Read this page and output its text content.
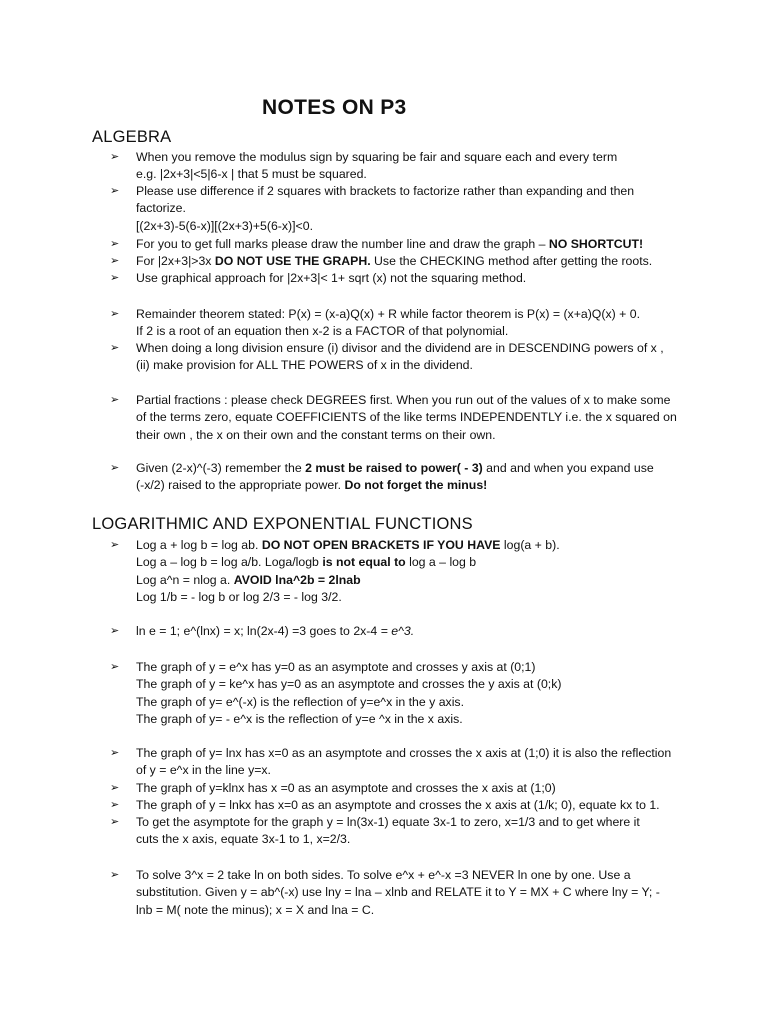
NOTES ON P3
ALGEBRA
LOGARITHMIC AND EXPONENTIAL FUNCTIONS
➢	When you remove the modulus sign by squaring be fair and square each and every term
e.g. |2x+3|<5|6-x | that 5 must be squared.
➢	Please use difference if 2 squares with brackets to factorize rather than expanding and then
factorize.
[(2x+3)-5(6-x)][(2x+3)+5(6-x)]<0.
➢	For you to get full marks please draw the number line and draw the graph – NO SHORTCUT!
➢	For |2x+3|>3x DO NOT USE THE GRAPH. Use the CHECKING method after getting the roots.
➢	Use graphical approach for |2x+3|< 1+ sqrt (x) not the squaring method.
➢	Remainder theorem stated: P(x) = (x-a)Q(x) + R while factor theorem is P(x) = (x+a)Q(x) + 0.
If 2 is a root of an equation then x-2 is a FACTOR of that polynomial.
➢	When doing a long division ensure (i) divisor and the dividend are in DESCENDING powers of x ,
(ii) make provision for ALL THE POWERS of x in the dividend.
➢	Partial fractions : please check DEGREES first. When you run out of the values of x to make some
of the terms zero, equate COEFFICIENTS of the like terms INDEPENDENTLY i.e. the x squared on
their own , the x on their own and the constant terms on their own.
➢	Given (2-x)^(-3) remember the 2 must be raised to power( - 3) and and when you expand use
(-x/2) raised to the appropriate power. Do not forget the minus!
➢	Log a + log b = log ab. DO NOT OPEN BRACKETS IF YOU HAVE log(a + b).
Log a – log b = log a/b. Loga/logb is not equal to log a – log b
Log a^n = nlog a. AVOID lna^2b = 2lnab
Log 1/b = - log b or log 2/3 = - log 3/2.
➢	ln e = 1; e^(lnx) = x; ln(2x-4) =3 goes to 2x-4 = e^3.
➢	The graph of y = e^x has y=0 as an asymptote and crosses y axis at (0;1)
The graph of y = ke^x has y=0 as an asymptote and crosses the y axis at (0;k)
The graph of y= e^(-x) is the reflection of y=e^x in the y axis.
The graph of y= - e^x is the reflection of y=e ^x in the x axis.
➢	The graph of y= lnx has x=0 as an asymptote and crosses the x axis at (1;0) it is also the reflection
of y = e^x in the line y=x.
➢	The graph of y=klnx has x =0 as an asymptote and crosses the x axis at (1;0)
➢	The graph of y = lnkx has x=0 as an asymptote and crosses the x axis at (1/k; 0), equate kx to 1.
➢	To get the asymptote for the graph y = ln(3x-1) equate 3x-1 to zero, x=1/3 and to get where it
cuts the x axis, equate 3x-1 to 1, x=2/3.
➢	To solve 3^x = 2 take ln on both sides. To solve e^x + e^-x =3 NEVER ln one by one. Use a
substitution. Given y = ab^(-x) use lny = lna – xlnb and RELATE it to Y = MX + C where lny = Y; -
lnb = M( note the minus); x = X and lna = C.
